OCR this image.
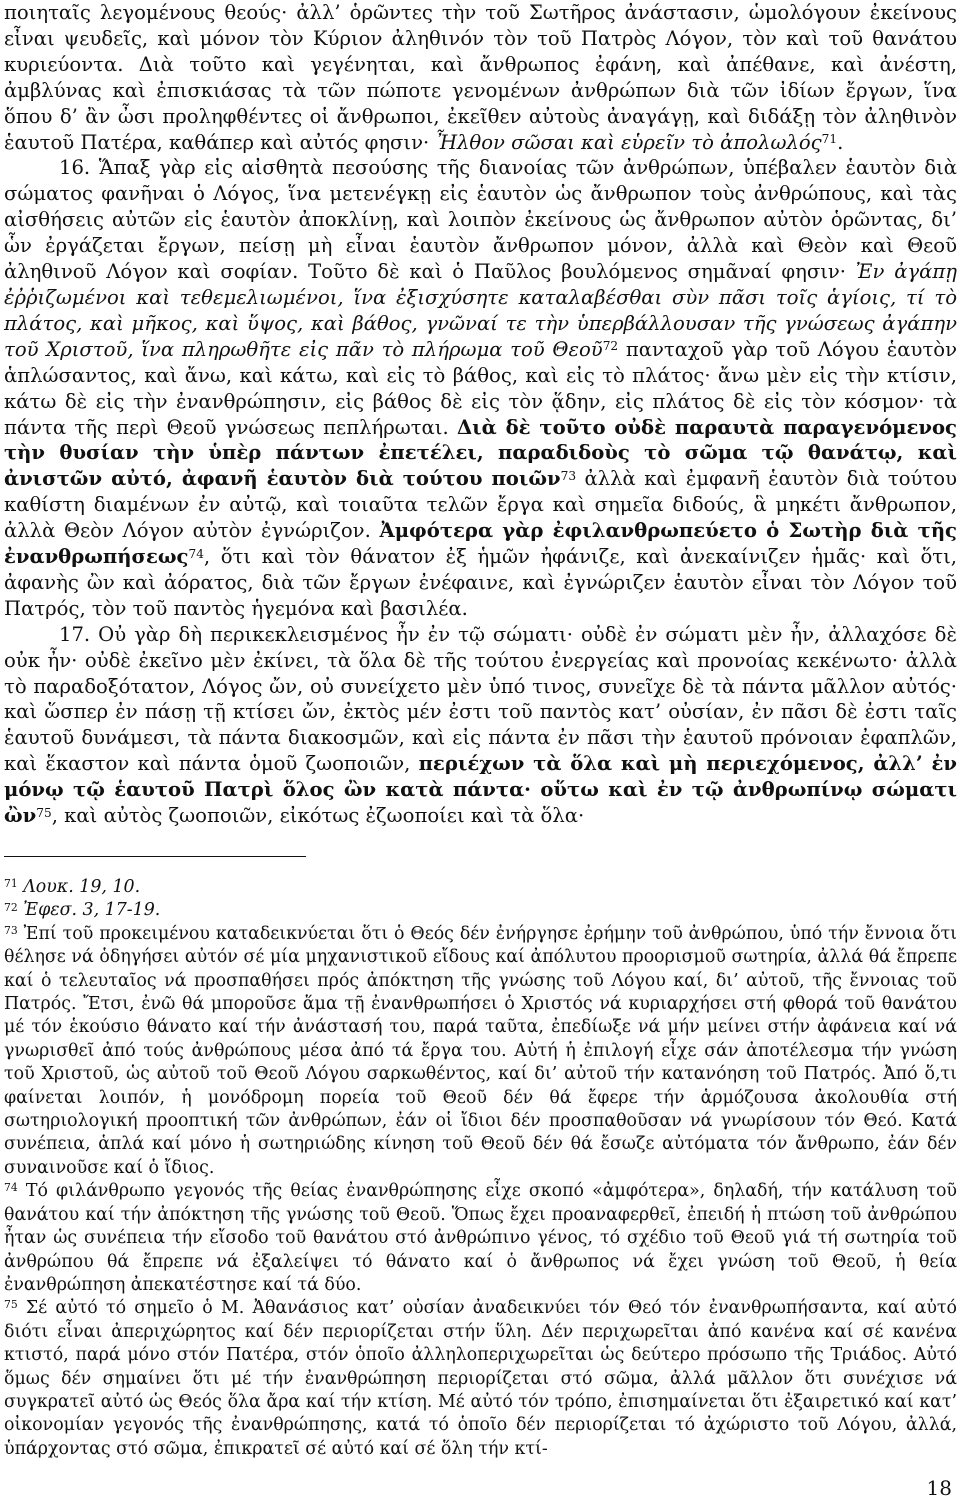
ποιηταῖς λεγομένους θεούς· ἀλλ’ ὁρῶντες τὴν τοῦ Σωτῆρος ἀνάστασιν, ὡμολόγουν ἐκείνους εἶναι ψευδεῖς, καὶ μόνον τὸν Κύριον ἀληθινόν τὸν τοῦ Πατρὸς Λόγον, τὸν καὶ τοῦ θανάτου κυριεύοντα. Διὰ τοῦτο καὶ γεγένηται, καὶ ἄνθρωπος ἐφάνη, καὶ ἀπέθανε, καὶ ἀνέστη, ἀμβλύνας καὶ ἐπισκιάσας τὰ τῶν πώποτε γενομένων ἀνθρώπων διὰ τῶν ἰδίων ἔργων, ἵνα ὅπου δ’ ἂν ὦσι προληφθέντες οἱ ἄνθρωποι, ἐκεῖθεν αὐτοὺς ἀναγάγῃ, καὶ διδάξῃ τὸν ἀληθινὸν ἑαυτοῦ Πατέρα, καθάπερ καὶ αὐτός φησιν· Ἦλθον σῶσαι καὶ εὑρεῖν τὸ ἀπολωλός$^{71}$.

16. Ἅπαξ γὰρ εἰς αἰσθητὰ πεσούσης τῆς διανοίας τῶν ἀνθρώπων, ὑπέβαλεν ἑαυτὸν διὰ σώματος φανῆναι ὁ Λόγος, ἵνα μετενέγκῃ εἰς ἑαυτὸν ὡς ἄνθρωπον τοὺς ἀνθρώπους, καὶ τὰς αἰσθήσεις αὐτῶν εἰς ἑαυτὸν ἀποκλίνῃ, καὶ λοιπὸν ἐκείνους ὡς ἄνθρωπον αὐτὸν ὁρῶντας, δι’ ὧν ἐργάζεται ἔργων, πείσῃ μὴ εἶναι ἑαυτὸν ἄνθρωπον μόνον, ἀλλὰ καὶ Θεὸν καὶ Θεοῦ ἀληθινοῦ Λόγον καὶ σοφίαν. Τοῦτο δὲ καὶ ὁ Παῦλος βουλόμενος σημᾶναί φησιν· Ἐν ἀγάπῃ ἐῤῥιζωμένοι καὶ τεθεμελιωμένοι, ἵνα ἐξισχύσητε καταλαβέσθαι σὺν πᾶσι τοῖς ἁγίοις, τί τὸ πλάτος, καὶ μῆκος, καὶ ὕψος, καὶ βάθος, γνῶναί τε τὴν ὑπερβάλλουσαν τῆς γνώσεως ἀγάπην τοῦ Χριστοῦ, ἵνα πληρωθῆτε εἰς πᾶν τὸ πλήρωμα τοῦ Θεοῦ$^{72}$ πανταχοῦ γὰρ τοῦ Λόγου ἑαυτὸν ἁπλώσαντος, καὶ ἄνω, καὶ κάτω, καὶ εἰς τὸ βάθος, καὶ εἰς τὸ πλάτος· ἄνω μὲν εἰς τὴν κτίσιν, κάτω δὲ εἰς τὴν ἐνανθρώπησιν, εἰς βάθος δὲ εἰς τὸν ᾅδην, εἰς πλάτος δὲ εἰς τὸν κόσμον· τὰ πάντα τῆς περὶ Θεοῦ γνώσεως πεπλήρωται. Διὰ δὲ τοῦτο οὐδὲ παραυτὰ παραγενόμενος τὴν θυσίαν τὴν ὑπὲρ πάντων ἐπετέλει, παραδιδοὺς τὸ σῶμα τῷ θανάτῳ, καὶ ἀνιστῶν αὐτό, ἀφανῆ ἑαυτὸν διὰ τούτου ποιῶν$^{73}$ ἀλλὰ καὶ ἐμφανῆ ἑαυτὸν διὰ τούτου καθίστη διαμένων ἐν αὐτῷ, καὶ τοιαῦτα τελῶν ἔργα καὶ σημεῖα διδούς, ἃ μηκέτι ἄνθρωπον, ἀλλὰ Θεὸν Λόγον αὐτὸν ἐγνώριζον. Ἀμφότερα γὰρ ἐφιλανθρωπεύετο ὁ Σωτὴρ διὰ τῆς ἐνανθρωπήσεως$^{74}$, ὅτι καὶ τὸν θάνατον ἐξ ἡμῶν ἠφάνιζε, καὶ ἀνεκαίνιζεν ἡμᾶς· καὶ ὅτι, ἀφανὴς ὢν καὶ ἀόρατος, διὰ τῶν ἔργων ἐνέφαινε, καὶ ἐγνώριζεν ἑαυτὸν εἶναι τὸν Λόγον τοῦ Πατρός, τὸν τοῦ παντὸς ἡγεμόνα καὶ βασιλέα.

17. Οὐ γὰρ δὴ περικεκλεισμένος ἦν ἐν τῷ σώματι· οὐδὲ ἐν σώματι μὲν ἦν, ἀλλαχόσε δὲ οὐκ ἦν· οὐδὲ ἐκεῖνο μὲν ἐκίνει, τὰ ὅλα δὲ τῆς τούτου ἐνεργείας καὶ προνοίας κεκένωτο· ἀλλὰ τὸ παραδοξότατον, Λόγος ὤν, οὐ συνείχετο μὲν ὑπό τινος, συνεῖχε δὲ τὰ πάντα μᾶλλον αὐτός· καὶ ὥσπερ ἐν πάσῃ τῇ κτίσει ὤν, ἐκτὸς μέν ἐστι τοῦ παντὸς κατ’ οὐσίαν, ἐν πᾶσι δὲ ἐστι ταῖς ἑαυτοῦ δυνάμεσι, τὰ πάντα διακοσμῶν, καὶ εἰς πάντα ἐν πᾶσι τὴν ἑαυτοῦ πρόνοιαν ἐφαπλῶν, καὶ ἕκαστον καὶ πάντα ὁμοῦ ζωοποιῶν, περιέχων τὰ ὅλα καὶ μὴ περιεχόμενος, ἀλλ’ ἐν μόνῳ τῷ ἑαυτοῦ Πατρὶ ὅλος ὢν κατὰ πάντα· οὕτω καὶ ἐν τῷ ἀνθρωπίνῳ σώματι ὢν$^{75}$, καὶ αὐτὸς ζωοποιῶν, εἰκότως ἐζωοποίει καὶ τὰ ὅλα·

$^{71}$ Λουκ. 19, 10.

$^{72}$ Ἐφεσ. 3, 17-19.

$^{73}$ Ἐπί τοῦ προκειμένου καταδεικνύεται ὅτι ὁ Θεός δέν ἐνήργησε ἐρήμην τοῦ ἀνθρώπου, ὑπό τήν ἔννοια ὅτι θέλησε νά ὁδηγήσει αὐτόν σέ μία μηχανιστικοῦ εἴδους καί ἀπόλυτου προορισμοῦ σωτηρία, ἀλλά θά ἔπρεπε καί ὁ τελευταῖος νά προσπαθήσει πρός ἀπόκτηση τῆς γνώσης τοῦ Λόγου καί, δι’ αὐτοῦ, τῆς ἔννοιας τοῦ Πατρός. Ἔτσι, ἐνῶ θά μποροῦσε ἅμα τῇ ἐνανθρωπήσει ὁ Χριστός νά κυριαρχήσει στή φθορά τοῦ θανάτου μέ τόν ἑκούσιο θάνατο καί τήν ἀνάστασή του, παρά ταῦτα, ἐπεδίωξε νά μήν μείνει στήν ἀφάνεια καί νά γνωρισθεῖ ἀπό τούς ἀνθρώπους μέσα ἀπό τά ἔργα του. Αὐτή ἡ ἐπιλογή εἶχε σάν ἀποτέλεσμα τήν γνώση τοῦ Χριστοῦ, ὡς αὐτοῦ τοῦ Θεοῦ Λόγου σαρκωθέντος, καί δι’ αὐτοῦ τήν κατανόηση τοῦ Πατρός. Ἀπό ὅ,τι φαίνεται λοιπόν, ἡ μονόδρομη πορεία τοῦ Θεοῦ δέν θά ἔφερε τήν ἁρμόζουσα ἀκολουθία στή σωτηριολογική προοπτική τῶν ἀνθρώπων, ἐάν οἱ ἴδιοι δέν προσπαθοῦσαν νά γνωρίσουν τόν Θεό. Κατά συνέπεια, ἁπλά καί μόνο ἡ σωτηριώδης κίνηση τοῦ Θεοῦ δέν θά ἔσωζε αὐτόματα τόν ἄνθρωπο, ἐάν δέν συναινοῦσε καί ὁ ἴδιος.

$^{74}$ Τό φιλάνθρωπο γεγονός τῆς θείας ἐνανθρώπησης εἶχε σκοπό «ἀμφότερα», δηλαδή, τήν κατάλυση τοῦ θανάτου καί τήν ἀπόκτηση τῆς γνώσης τοῦ Θεοῦ. Ὅπως ἔχει προαναφερθεῖ, ἐπειδή ἡ πτώση τοῦ ἀνθρώπου ἦταν ὡς συνέπεια τήν εἴσοδο τοῦ θανάτου στό ἀνθρώπινο γένος, τό σχέδιο τοῦ Θεοῦ γιά τή σωτηρία τοῦ ἀνθρώπου θά ἔπρεπε νά ἐξαλείψει τό θάνατο καί ὁ ἄνθρωπος νά ἔχει γνώση τοῦ Θεοῦ, ἡ θεία ἐνανθρώπηση ἀπεκατέστησε καί τά δύο.

$^{75}$ Σέ αὐτό τό σημεῖο ὁ Μ. Ἀθανάσιος κατ’ οὐσίαν ἀναδεικνύει τόν Θεό τόν ἐνανθρωπήσαντα, καί αὐτό διότι εἶναι ἀπεριχώρητος καί δέν περιορίζεται στήν ὕλη. Δέν περιχωρεῖται ἀπό κανένα καί σέ κανένα κτιστό, παρά μόνο στόν Πατέρα, στόν ὁποῖο ἀλληλοπεριχωρεῖται ὡς δεύτερο πρόσωπο τῆς Τριάδος. Αὐτό ὅμως δέν σημαίνει ὅτι μέ τήν ἐνανθρώπηση περιορίζεται στό σῶμα, ἀλλά μᾶλλον ὅτι συνέχισε νά συγκρατεῖ αὐτό ὡς Θεός ὅλα ἄρα καί τήν κτίση. Μέ αὐτό τόν τρόπο, ἐπισημαίνεται ὅτι ἐξαιρετικό καί κατ’ οἰκονομίαν γεγονός τῆς ἐνανθρώπησης, κατά τό ὁποῖο δέν περιορίζεται τό ἀχώριστο τοῦ Λόγου, ἀλλά, ὑπάρχοντας στό σῶμα, ἐπικρατεῖ σέ αὐτό καί σέ ὅλη τήν κτί-

18
